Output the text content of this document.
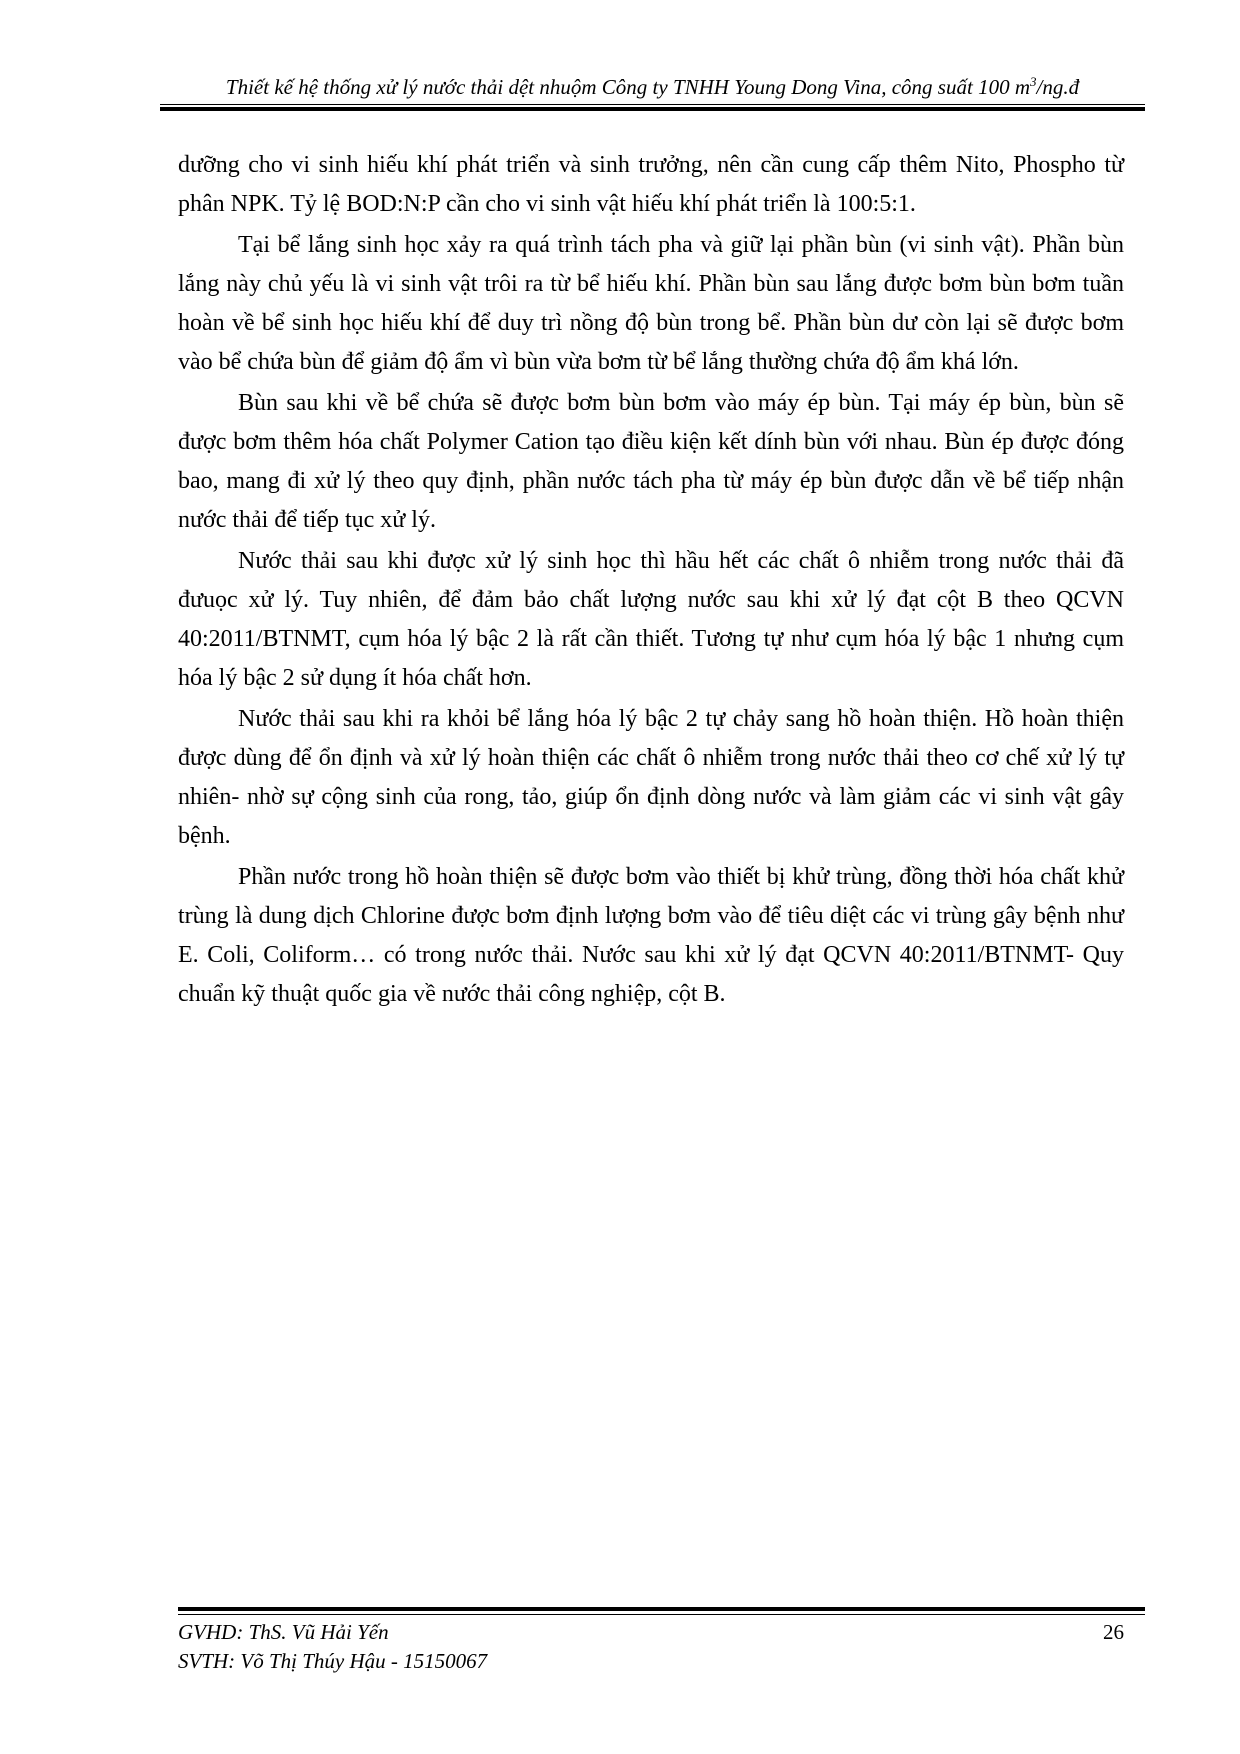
Thiết kế hệ thống xử lý nước thải dệt nhuộm Công ty TNHH Young Dong Vina, công suất 100 $m^3/ng.đ$

dưỡng cho vi sinh hiếu khí phát triển và sinh trưởng, nên cần cung cấp thêm Nito, Phospho từ phân NPK. Tỷ lệ BOD:N:P cần cho vi sinh vật hiếu khí phát triển là 100:5:1.

Tại bể lắng sinh học xảy ra quá trình tách pha và giữ lại phần bùn (vi sinh vật). Phần bùn lắng này chủ yếu là vi sinh vật trôi ra từ bể hiếu khí. Phần bùn sau lắng được bơm bùn bơm tuần hoàn về bể sinh học hiếu khí để duy trì nồng độ bùn trong bể. Phần bùn dư còn lại sẽ được bơm vào bể chứa bùn để giảm độ ẩm vì bùn vừa bơm từ bể lắng thường chứa độ ẩm khá lớn.

Bùn sau khi về bể chứa sẽ được bơm bùn bơm vào máy ép bùn. Tại máy ép bùn, bùn sẽ được bơm thêm hóa chất Polymer Cation tạo điều kiện kết dính bùn với nhau. Bùn ép được đóng bao, mang đi xử lý theo quy định, phần nước tách pha từ máy ép bùn được dẫn về bể tiếp nhận nước thải để tiếp tục xử lý.

Nước thải sau khi được xử lý sinh học thì hầu hết các chất ô nhiễm trong nước thải đã đưuọc xử lý. Tuy nhiên, để đảm bảo chất lượng nước sau khi xử lý đạt cột B theo QCVN 40:2011/BTNMT, cụm hóa lý bậc 2 là rất cần thiết. Tương tự như cụm hóa lý bậc 1 nhưng cụm hóa lý bậc 2 sử dụng ít hóa chất hơn.

Nước thải sau khi ra khỏi bể lắng hóa lý bậc 2 tự chảy sang hồ hoàn thiện. Hồ hoàn thiện được dùng để ổn định và xử lý hoàn thiện các chất ô nhiễm trong nước thải theo cơ chế xử lý tự nhiên- nhờ sự cộng sinh của rong, tảo, giúp ổn định dòng nước và làm giảm các vi sinh vật gây bệnh.

Phần nước trong hồ hoàn thiện sẽ được bơm vào thiết bị khử trùng, đồng thời hóa chất khử trùng là dung dịch Chlorine được bơm định lượng bơm vào để tiêu diệt các vi trùng gây bệnh như E. Coli, Coliform… có trong nước thải. Nước sau khi xử lý đạt QCVN 40:2011/BTNMT- Quy chuẩn kỹ thuật quốc gia về nước thải công nghiệp, cột B.

GVHD: ThS. Vũ Hải Yến
SVTH: Võ Thị Thúy Hậu - 15150067
26
